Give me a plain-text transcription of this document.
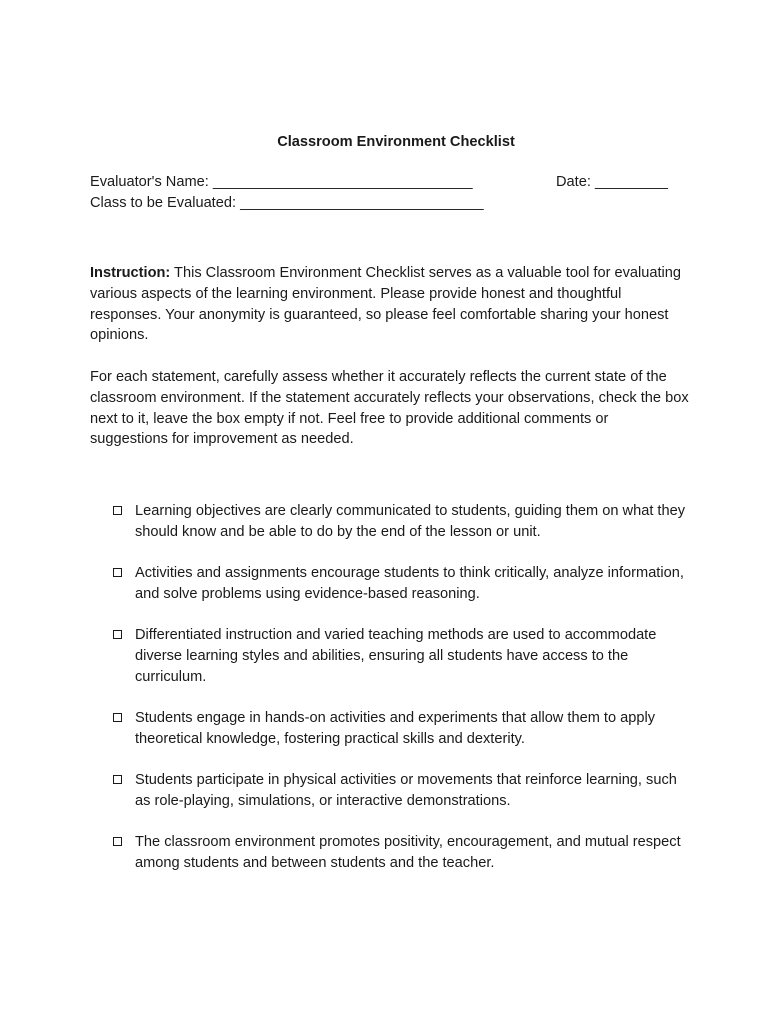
Classroom Environment Checklist
Evaluator's Name: ________________________________	Date: _________
Class to be Evaluated: ______________________________

Instruction: This Classroom Environment Checklist serves as a valuable tool for evaluating various aspects of the learning environment. Please provide honest and thoughtful responses. Your anonymity is guaranteed, so please feel comfortable sharing your honest opinions.

For each statement, carefully assess whether it accurately reflects the current state of the classroom environment. If the statement accurately reflects your observations, check the box next to it, leave the box empty if not. Feel free to provide additional comments or suggestions for improvement as needed.

Learning objectives are clearly communicated to students, guiding them on what they should know and be able to do by the end of the lesson or unit.
Activities and assignments encourage students to think critically, analyze information, and solve problems using evidence-based reasoning.
Differentiated instruction and varied teaching methods are used to accommodate diverse learning styles and abilities, ensuring all students have access to the curriculum.
Students engage in hands-on activities and experiments that allow them to apply theoretical knowledge, fostering practical skills and dexterity.
Students participate in physical activities or movements that reinforce learning, such as role-playing, simulations, or interactive demonstrations.
The classroom environment promotes positivity, encouragement, and mutual respect among students and between students and the teacher.
